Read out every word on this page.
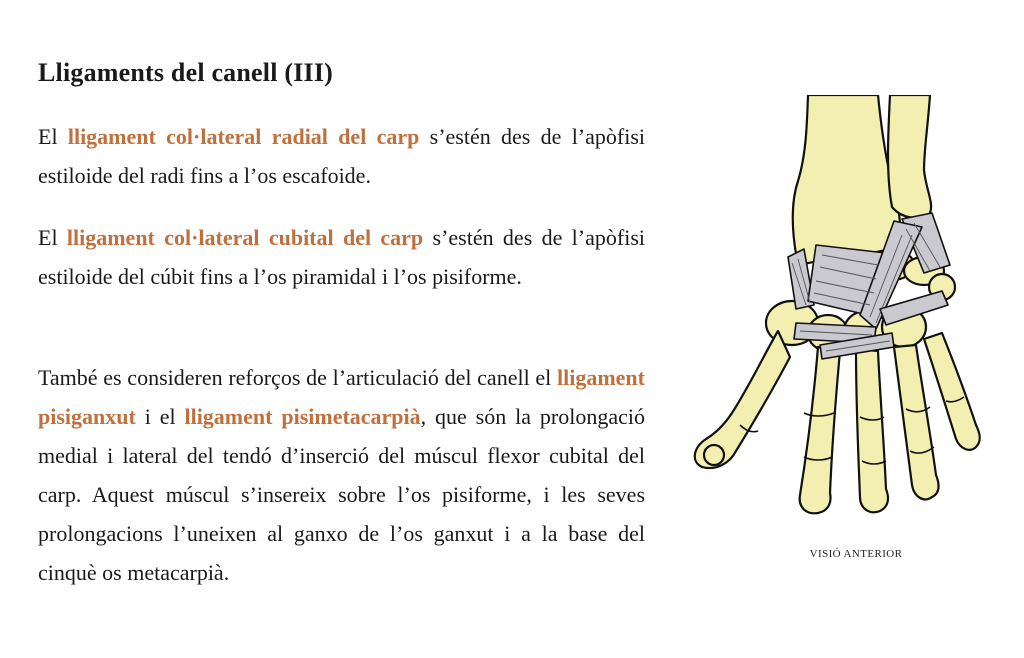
Lligaments del canell (III)

El lligament col·lateral radial del carp s’estén des de l’apòfisi estiloide del radi fins a l’os escafoide.

El lligament col·lateral cubital del carp s’estén des de l’apòfisi estiloide del cúbit fins a l’os piramidal i l’os pisiforme.

També es consideren reforços de l’articulació del canell el lligament pisiganxut i el lligament pisimetacarpià, que són la prolongació medial i lateral del tendó d’inserció del múscul flexor cubital del carp. Aquest múscul s’insereix sobre l’os pisiforme, i les seves prolongacions l’uneixen al ganxo de l’os ganxut i a la base del cinquè os metacarpià.

VISIÓ ANTERIOR
